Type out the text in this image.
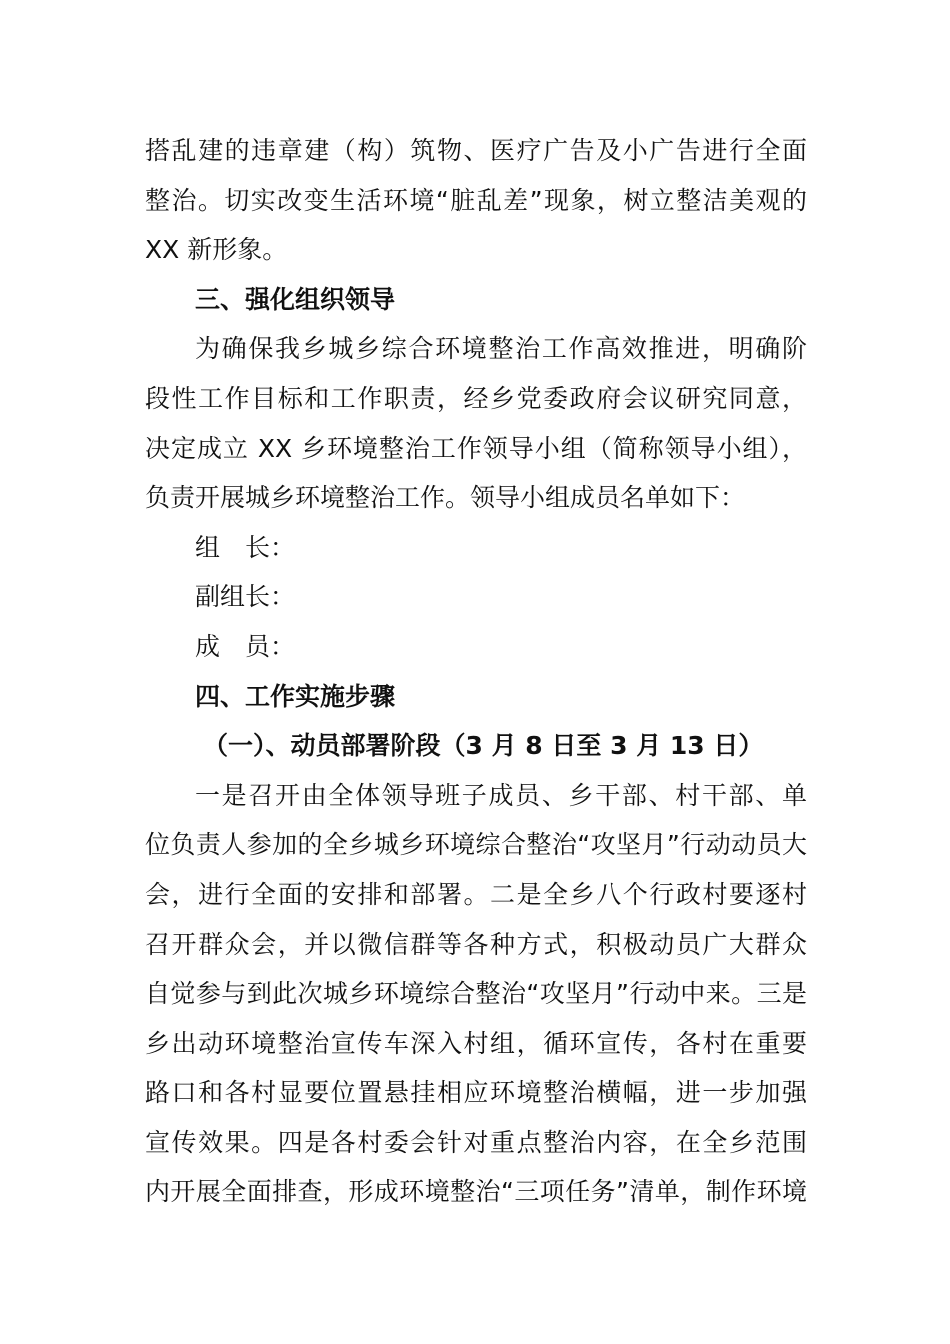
搭乱建的违章建（构）筑物、医疗广告及小广告进行全面
整治。切实改变生活环境“脏乱差”现象，树立整洁美观的
XX 新形象。
三、强化组织领导
为确保我乡城乡综合环境整治工作高效推进，明确阶
段性工作目标和工作职责，经乡党委政府会议研究同意，
决定成立 XX 乡环境整治工作领导小组（简称领导小组），
负责开展城乡环境整治工作。领导小组成员名单如下：
组　长：
副组长：
成　员：
四、工作实施步骤
（一）、动员部署阶段（3 月 8 日至 3 月 13 日）
一是召开由全体领导班子成员、乡干部、村干部、单
位负责人参加的全乡城乡环境综合整治“攻坚月”行动动员大
会，进行全面的安排和部署。二是全乡八个行政村要逐村
召开群众会，并以微信群等各种方式，积极动员广大群众
自觉参与到此次城乡环境综合整治“攻坚月”行动中来。三是
乡出动环境整治宣传车深入村组，循环宣传，各村在重要
路口和各村显要位置悬挂相应环境整治横幅，进一步加强
宣传效果。四是各村委会针对重点整治内容，在全乡范围
内开展全面排查，形成环境整治“三项任务”清单，制作环境
